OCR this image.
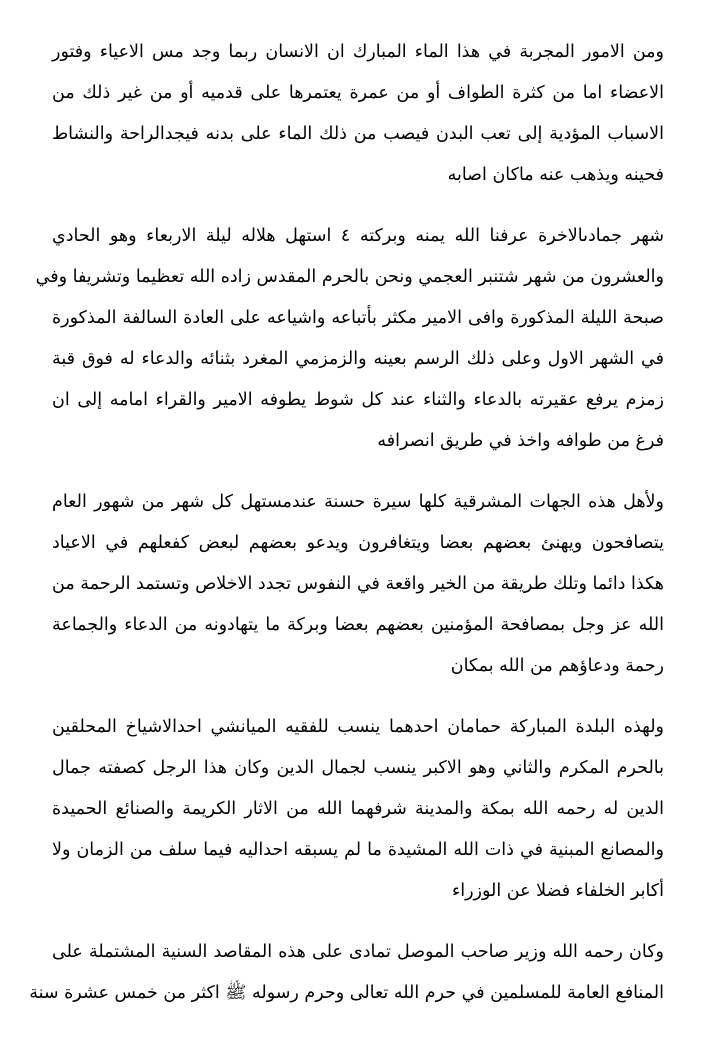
ومن الامور المجربة في هذا الماء المبارك ان الانسان ربما وجد مس الاعياء وفتور
الاعضاء اما من كثرة الطواف أو من عمرة يعتمرها على قدميه أو من غير ذلك من
الاسباب المؤدية إلى تعب البدن فيصب من ذلك الماء على بدنه فيجدالراحة والنشاط
فحينه ويذهب عنه ماكان اصابه
شهر جمادىالاخرة عرفنا الله يمنه وبركته ٤ استهل هلاله ليلة الاربعاء وهو الحادي
والعشرون من شهر شتنبر العجمي ونحن بالحرم المقدس زاده الله تعظيما وتشريفا وفي
صبحة الليلة المذكورة وافى الامير مكثر بأتباعه واشياعه على العادة السالفة المذكورة
في الشهر الاول وعلى ذلك الرسم بعينه والزمزمي المغرد بثنائه والدعاء له فوق قبة
زمزم يرفع عقيرته بالدعاء والثناء عند كل شوط يطوفه الامير والقراء امامه إلى ان
فرغ من طوافه واخذ في طريق انصرافه
ولأهل هذه الجهات المشرقية كلها سيرة حسنة عندمستهل كل شهر من شهور العام
يتصافحون ويهنئ بعضهم بعضا ويتغافرون ويدعو بعضهم لبعض كفعلهم في الاعياد
هكذا دائما وتلك طريقة من الخير واقعة في النفوس تجدد الاخلاص وتستمد الرحمة من
الله عز وجل بمصافحة المؤمنين بعضهم بعضا وبركة ما يتهادونه من الدعاء والجماعة
رحمة ودعاؤهم من الله بمكان
ولهذه البلدة المباركة حمامان احدهما ينسب للفقيه الميانشي احدالاشياخ المحلقين
بالحرم المكرم والثاني وهو الاكبر ينسب لجمال الدين وكان هذا الرجل كصفته جمال
الدين له رحمه الله بمكة والمدينة شرفهما الله من الاثار الكريمة والصنائع الحميدة
والمصانع المبنية في ذات الله المشيدة ما لم يسبقه احداليه فيما سلف من الزمان ولا
أكابر الخلفاء فضلا عن الوزراء
وكان رحمه الله وزير صاحب الموصل تمادى على هذه المقاصد السنية المشتملة على
المنافع العامة للمسلمين في حرم الله تعالى وحرم رسوله ﷺ اكثر من خمس عشرة سنة
